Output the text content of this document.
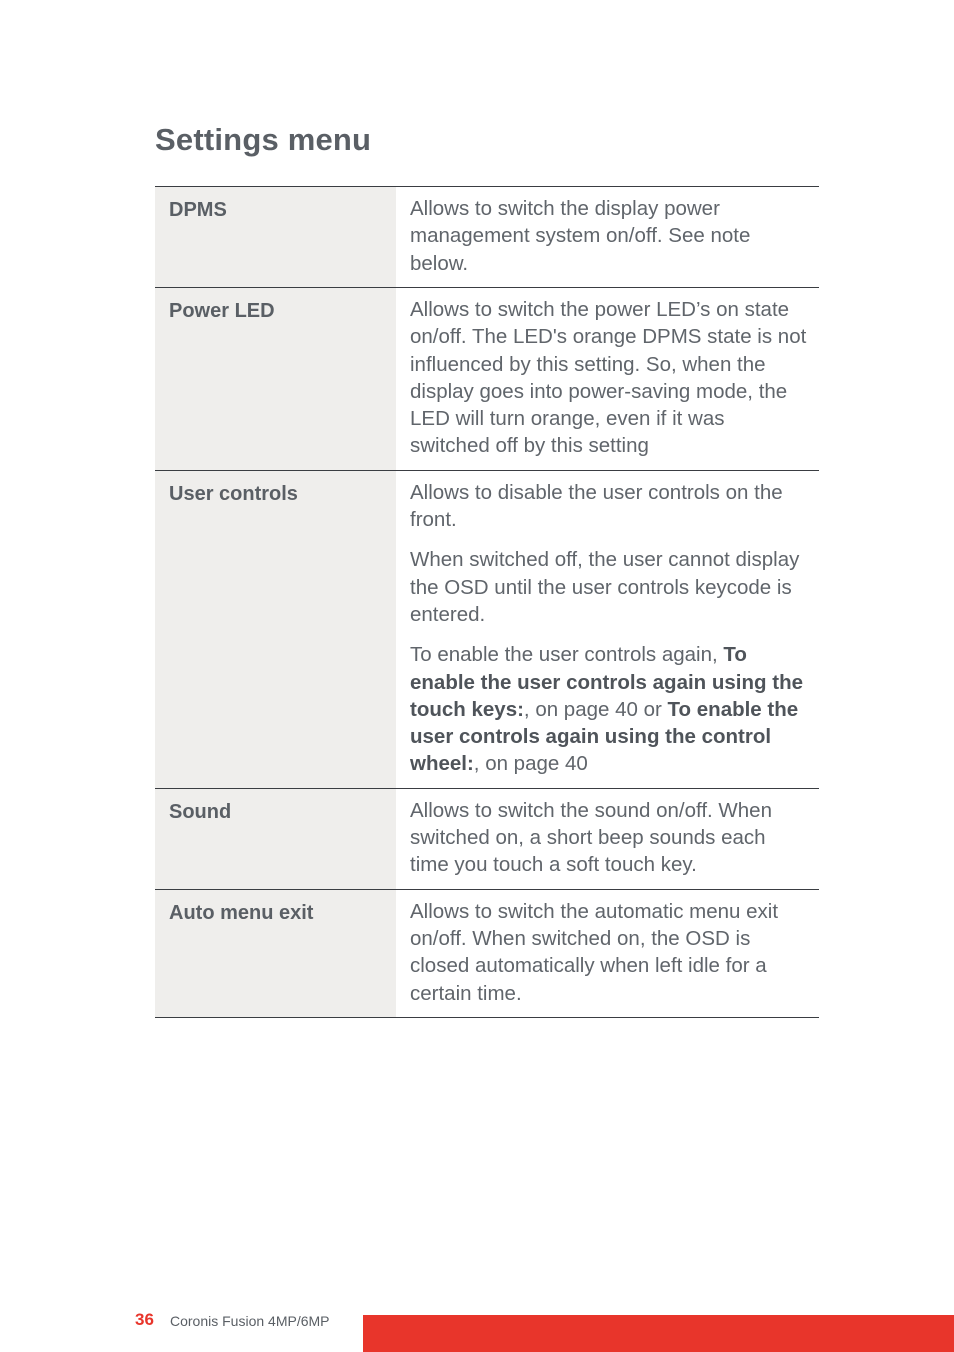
Settings menu
DPMS	Allows to switch the display power management system on/off. See note below.

Power LED	Allows to switch the power LED’s on state on/off. The LED's orange DPMS state is not influenced by this setting. So, when the display goes into power-saving mode, the LED will turn orange, even if it was switched off by this setting

User controls	Allows to disable the user controls on the front.

When switched off, the user cannot display the OSD until the user controls keycode is entered.

To enable the user controls again, To enable the user controls again using the touch keys:, on page 40 or To enable the user controls again using the control wheel:, on page 40

Sound	Allows to switch the sound on/off. When switched on, a short beep sounds each time you touch a soft touch key.

Auto menu exit	Allows to switch the automatic menu exit on/off. When switched on, the OSD is closed automatically when left idle for a certain time.

36 Coronis Fusion 4MP/6MP
